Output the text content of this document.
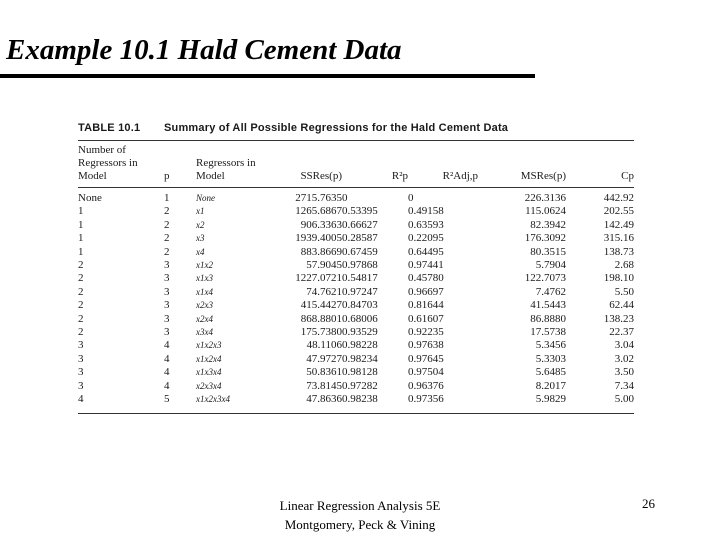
Example 10.1 Hald Cement Data
TABLE 10.1 Summary of All Possible Regressions for the Hald Cement Data
Number of Regressors in Model	p	Regressors in Model	SSRes(p)	R²p	R²Adj,p	MSRes(p)	Cp
None	1	None	2715.7635	0	0	226.3136	442.92
1	2	x1	1265.6867	0.53395	0.49158	115.0624	202.55
1	2	x2	906.3363	0.66627	0.63593	82.3942	142.49
1	2	x3	1939.4005	0.28587	0.22095	176.3092	315.16
1	2	x4	883.8669	0.67459	0.64495	80.3515	138.73
2	3	x1x2	57.9045	0.97868	0.97441	5.7904	2.68
2	3	x1x3	1227.0721	0.54817	0.45780	122.7073	198.10
2	3	x1x4	74.7621	0.97247	0.96697	7.4762	5.50
2	3	x2x3	415.4427	0.84703	0.81644	41.5443	62.44
2	3	x2x4	868.8801	0.68006	0.61607	86.8880	138.23
2	3	x3x4	175.7380	0.93529	0.92235	17.5738	22.37
3	4	x1x2x3	48.1106	0.98228	0.97638	5.3456	3.04
3	4	x1x2x4	47.9727	0.98234	0.97645	5.3303	3.02
3	4	x1x3x4	50.8361	0.98128	0.97504	5.6485	3.50
3	4	x2x3x4	73.8145	0.97282	0.96376	8.2017	7.34
4	5	x1x2x3x4	47.8636	0.98238	0.97356	5.9829	5.00
Linear Regression Analysis 5E
Montgomery, Peck & Vining
26
